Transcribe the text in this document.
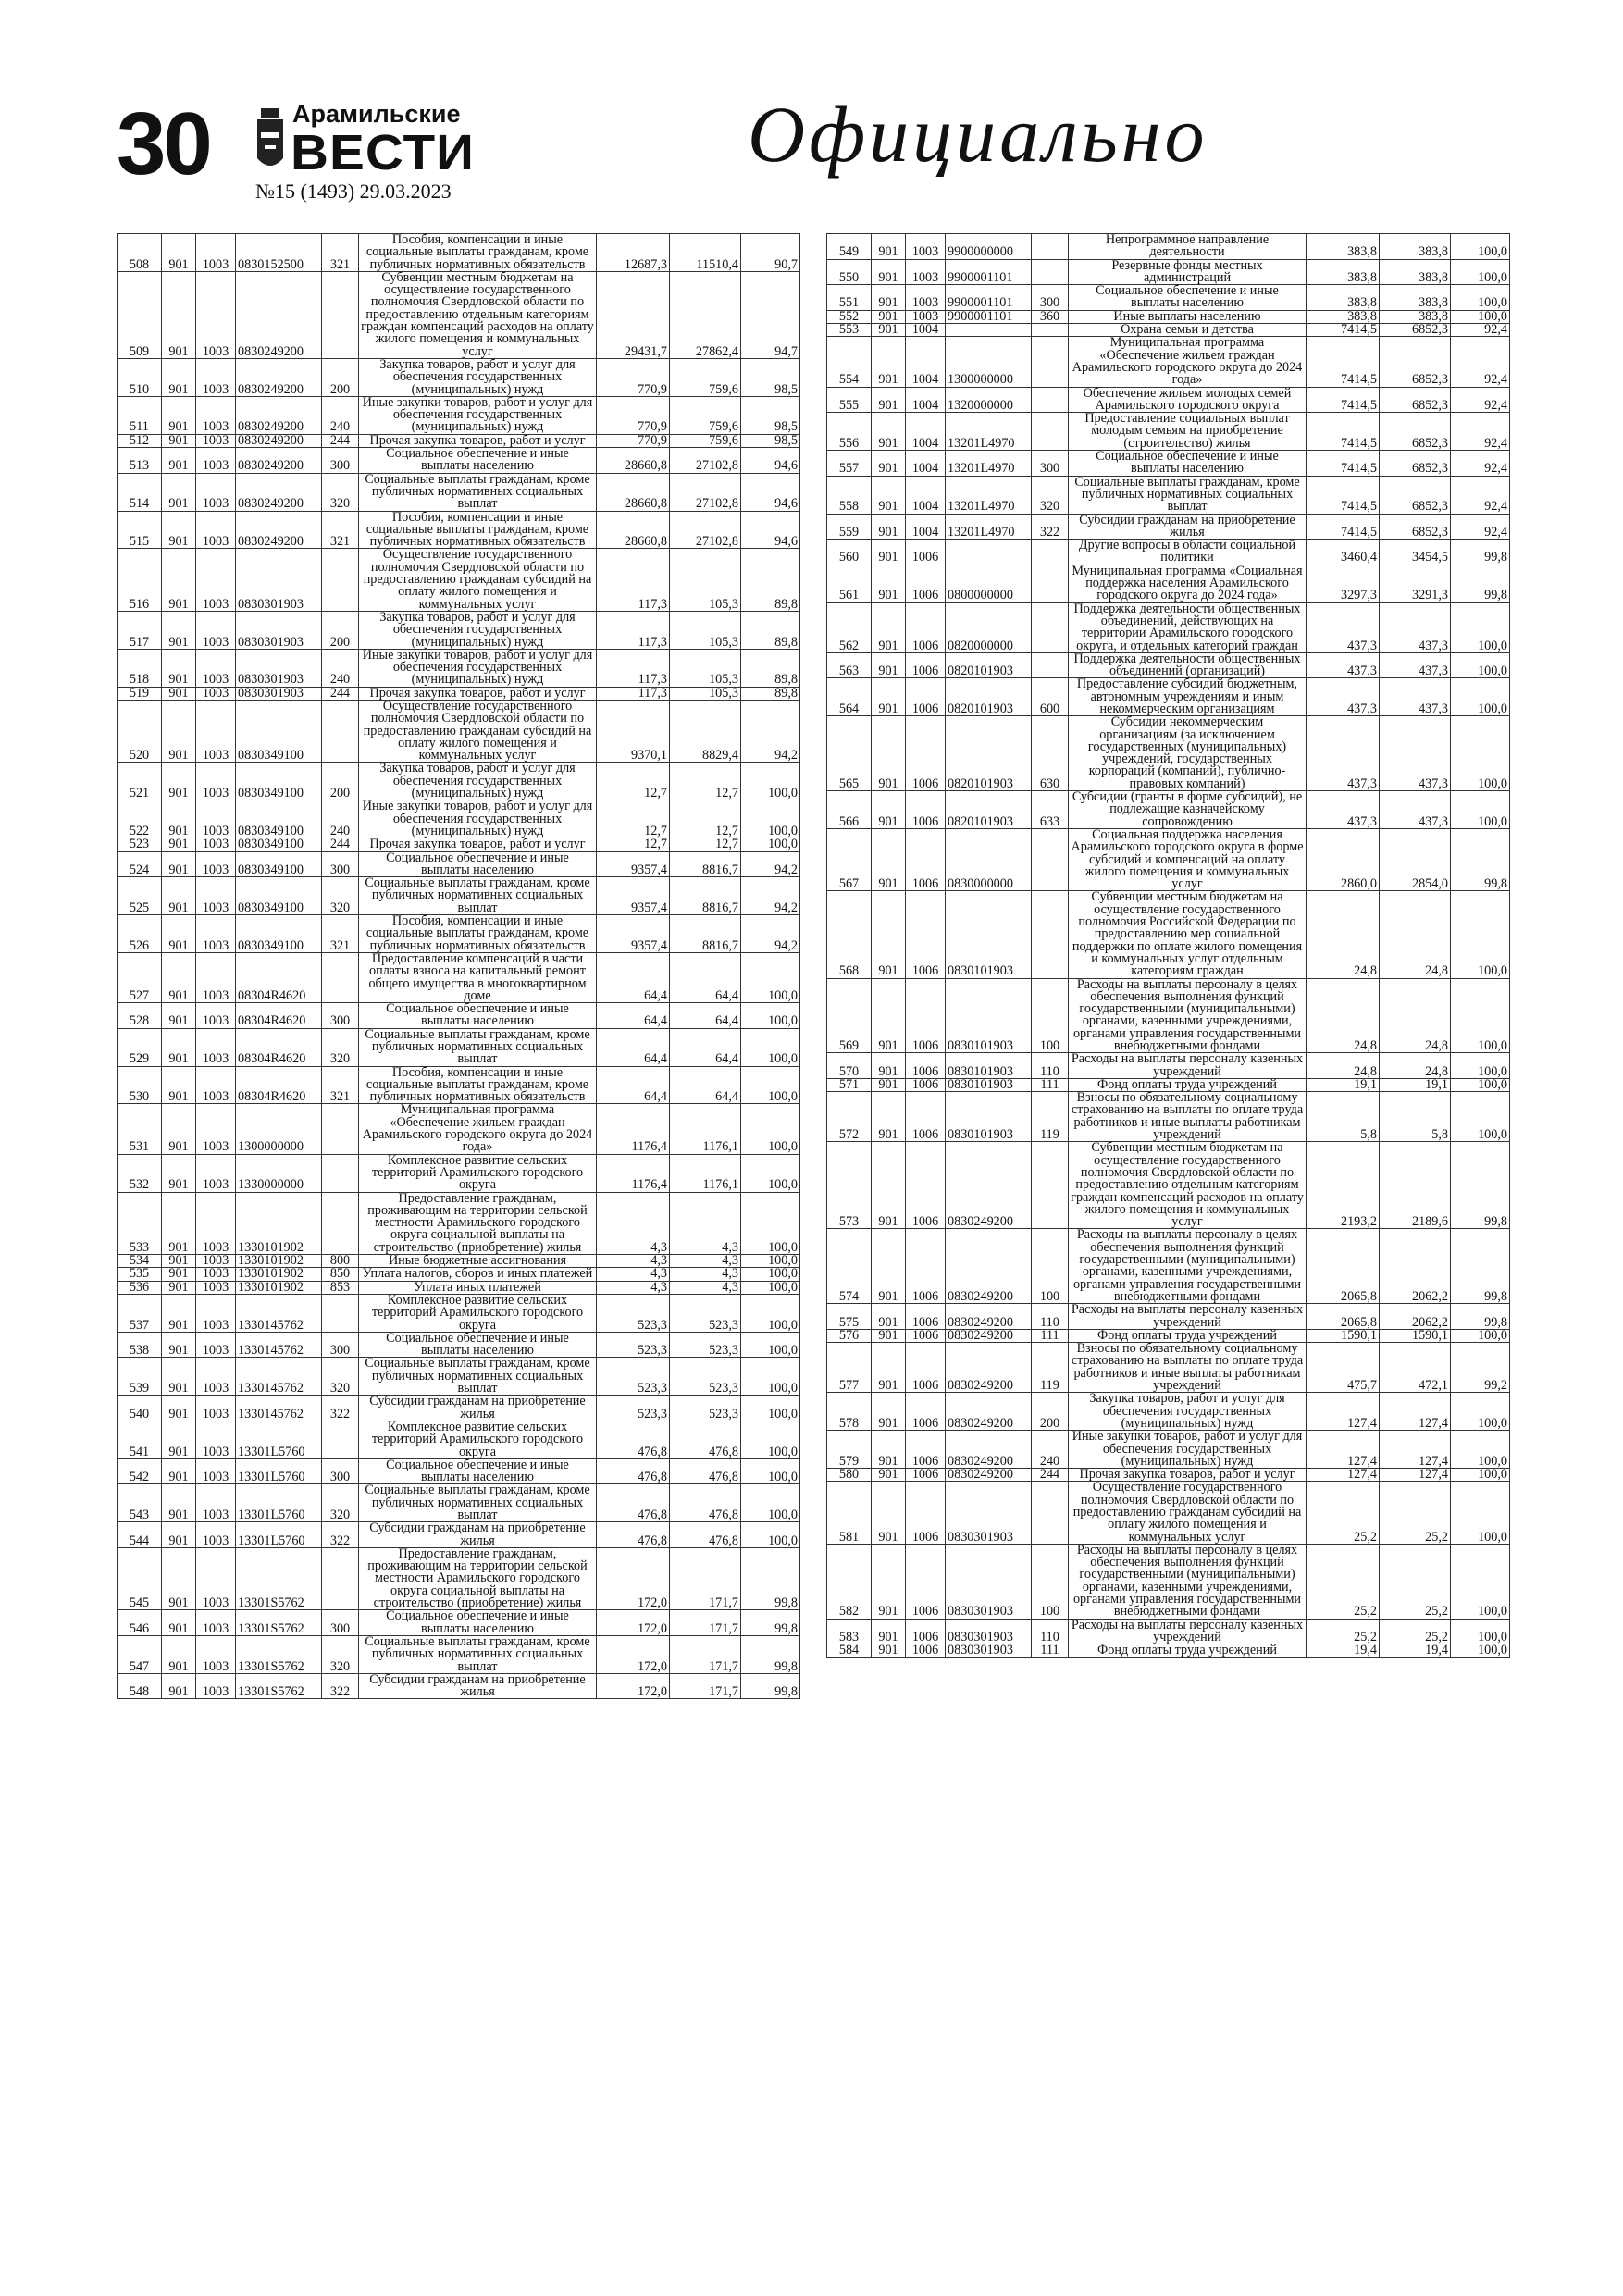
30	Арамильские
ВЕСТИ
№15 (1493) 29.03.2023
Официально
508	901	1003	0830152500	321	Пособия, компенсации и иные социальные выплаты гражданам, кроме публичных нормативных обязательств	12687,3	11510,4	90,7
509	901	1003	0830249200		Субвенции местным бюджетам на осуществление государственного полномочия Свердловской области по предоставлению отдельным категориям граждан компенсаций расходов на оплату жилого помещения и коммунальных услуг	29431,7	27862,4	94,7
510	901	1003	0830249200	200	Закупка товаров, работ и услуг для обеспечения государственных (муниципальных) нужд	770,9	759,6	98,5
511	901	1003	0830249200	240	Иные закупки товаров, работ и услуг для обеспечения государственных (муниципальных) нужд	770,9	759,6	98,5
512	901	1003	0830249200	244	Прочая закупка товаров, работ и услуг	770,9	759,6	98,5
513	901	1003	0830249200	300	Социальное обеспечение и иные выплаты населению	28660,8	27102,8	94,6
514	901	1003	0830249200	320	Социальные выплаты гражданам, кроме публичных нормативных социальных выплат	28660,8	27102,8	94,6
515	901	1003	0830249200	321	Пособия, компенсации и иные социальные выплаты гражданам, кроме публичных нормативных обязательств	28660,8	27102,8	94,6
516	901	1003	0830301903		Осуществление государственного полномочия Свердловской области по предоставлению гражданам субсидий на оплату жилого помещения и коммунальных услуг	117,3	105,3	89,8
517	901	1003	0830301903	200	Закупка товаров, работ и услуг для обеспечения государственных (муниципальных) нужд	117,3	105,3	89,8
518	901	1003	0830301903	240	Иные закупки товаров, работ и услуг для обеспечения государственных (муниципальных) нужд	117,3	105,3	89,8
519	901	1003	0830301903	244	Прочая закупка товаров, работ и услуг	117,3	105,3	89,8
520	901	1003	0830349100		Осуществление государственного полномочия Свердловской области по предоставлению гражданам субсидий на оплату жилого помещения и коммунальных услуг	9370,1	8829,4	94,2
521	901	1003	0830349100	200	Закупка товаров, работ и услуг для обеспечения государственных (муниципальных) нужд	12,7	12,7	100,0
522	901	1003	0830349100	240	Иные закупки товаров, работ и услуг для обеспечения государственных (муниципальных) нужд	12,7	12,7	100,0
523	901	1003	0830349100	244	Прочая закупка товаров, работ и услуг	12,7	12,7	100,0
524	901	1003	0830349100	300	Социальное обеспечение и иные выплаты населению	9357,4	8816,7	94,2
525	901	1003	0830349100	320	Социальные выплаты гражданам, кроме публичных нормативных социальных выплат	9357,4	8816,7	94,2
526	901	1003	0830349100	321	Пособия, компенсации и иные социальные выплаты гражданам, кроме публичных нормативных обязательств	9357,4	8816,7	94,2
527	901	1003	08304R4620		Предоставление компенсаций в части оплаты взноса на капитальный ремонт общего имущества в многоквартирном доме	64,4	64,4	100,0
528	901	1003	08304R4620	300	Социальное обеспечение и иные выплаты населению	64,4	64,4	100,0
529	901	1003	08304R4620	320	Социальные выплаты гражданам, кроме публичных нормативных социальных выплат	64,4	64,4	100,0
530	901	1003	08304R4620	321	Пособия, компенсации и иные социальные выплаты гражданам, кроме публичных нормативных обязательств	64,4	64,4	100,0
531	901	1003	1300000000		Муниципальная программа «Обеспечение жильем граждан Арамильского городского округа до 2024 года»	1176,4	1176,1	100,0
532	901	1003	1330000000		Комплексное развитие сельских территорий Арамильского городского округа	1176,4	1176,1	100,0
533	901	1003	1330101902		Предоставление гражданам, проживающим на территории сельской местности Арамильского городского округа социальной выплаты на строительство (приобретение) жилья	4,3	4,3	100,0
534	901	1003	1330101902	800	Иные бюджетные ассигнования	4,3	4,3	100,0
535	901	1003	1330101902	850	Уплата налогов, сборов и иных платежей	4,3	4,3	100,0
536	901	1003	1330101902	853	Уплата иных платежей	4,3	4,3	100,0
537	901	1003	1330145762		Комплексное развитие сельских территорий Арамильского городского округа	523,3	523,3	100,0
538	901	1003	1330145762	300	Социальное обеспечение и иные выплаты населению	523,3	523,3	100,0
539	901	1003	1330145762	320	Социальные выплаты гражданам, кроме публичных нормативных социальных выплат	523,3	523,3	100,0
540	901	1003	1330145762	322	Субсидии гражданам на приобретение жилья	523,3	523,3	100,0
541	901	1003	13301L5760		Комплексное развитие сельских территорий Арамильского городского округа	476,8	476,8	100,0
542	901	1003	13301L5760	300	Социальное обеспечение и иные выплаты населению	476,8	476,8	100,0
543	901	1003	13301L5760	320	Социальные выплаты гражданам, кроме публичных нормативных социальных выплат	476,8	476,8	100,0
544	901	1003	13301L5760	322	Субсидии гражданам на приобретение жилья	476,8	476,8	100,0
545	901	1003	13301S5762		Предоставление гражданам, проживающим на территории сельской местности Арамильского городского округа социальной выплаты на строительство (приобретение) жилья	172,0	171,7	99,8
546	901	1003	13301S5762	300	Социальное обеспечение и иные выплаты населению	172,0	171,7	99,8
547	901	1003	13301S5762	320	Социальные выплаты гражданам, кроме публичных нормативных социальных выплат	172,0	171,7	99,8
548	901	1003	13301S5762	322	Субсидии гражданам на приобретение жилья	172,0	171,7	99,8
549	901	1003	9900000000		Непрограммное направление деятельности	383,8	383,8	100,0
550	901	1003	9900001101		Резервные фонды местных администраций	383,8	383,8	100,0
551	901	1003	9900001101	300	Социальное обеспечение и иные выплаты населению	383,8	383,8	100,0
552	901	1003	9900001101	360	Иные выплаты населению	383,8	383,8	100,0
553	901	1004			Охрана семьи и детства	7414,5	6852,3	92,4
554	901	1004	1300000000		Муниципальная программа «Обеспечение жильем граждан Арамильского городского округа до 2024 года»	7414,5	6852,3	92,4
555	901	1004	1320000000		Обеспечение жильем молодых семей Арамильского городского округа	7414,5	6852,3	92,4
556	901	1004	13201L4970		Предоставление социальных выплат молодым семьям на приобретение (строительство) жилья	7414,5	6852,3	92,4
557	901	1004	13201L4970	300	Социальное обеспечение и иные выплаты населению	7414,5	6852,3	92,4
558	901	1004	13201L4970	320	Социальные выплаты гражданам, кроме публичных нормативных социальных выплат	7414,5	6852,3	92,4
559	901	1004	13201L4970	322	Субсидии гражданам на приобретение жилья	7414,5	6852,3	92,4
560	901	1006			Другие вопросы в области социальной политики	3460,4	3454,5	99,8
561	901	1006	0800000000		Муниципальная программа «Социальная поддержка населения Арамильского городского округа до 2024 года»	3297,3	3291,3	99,8
562	901	1006	0820000000		Поддержка деятельности общественных объединений, действующих на территории Арамильского городского округа, и отдельных категорий граждан	437,3	437,3	100,0
563	901	1006	0820101903		Поддержка деятельности общественных объединений (организаций)	437,3	437,3	100,0
564	901	1006	0820101903	600	Предоставление субсидий бюджетным, автономным учреждениям и иным некоммерческим организациям	437,3	437,3	100,0
565	901	1006	0820101903	630	Субсидии некоммерческим организациям (за исключением государственных (муниципальных) учреждений, государственных корпораций (компаний), публично-правовых компаний)	437,3	437,3	100,0
566	901	1006	0820101903	633	Субсидии (гранты в форме субсидий), не подлежащие казначейскому сопровождению	437,3	437,3	100,0
567	901	1006	0830000000		Социальная поддержка населения Арамильского городского округа в форме субсидий и компенсаций на оплату жилого помещения и коммунальных услуг	2860,0	2854,0	99,8
568	901	1006	0830101903		Субвенции местным бюджетам на осуществление государственного полномочия Российской Федерации по предоставлению мер социальной поддержки по оплате жилого помещения и коммунальных услуг отдельным категориям граждан	24,8	24,8	100,0
569	901	1006	0830101903	100	Расходы на выплаты персоналу в целях обеспечения выполнения функций государственными (муниципальными) органами, казенными учреждениями, органами управления государственными внебюджетными фондами	24,8	24,8	100,0
570	901	1006	0830101903	110	Расходы на выплаты персоналу казенных учреждений	24,8	24,8	100,0
571	901	1006	0830101903	111	Фонд оплаты труда учреждений	19,1	19,1	100,0
572	901	1006	0830101903	119	Взносы по обязательному социальному страхованию на выплаты по оплате труда работников и иные выплаты работникам учреждений	5,8	5,8	100,0
573	901	1006	0830249200		Субвенции местным бюджетам на осуществление государственного полномочия Свердловской области по предоставлению отдельным категориям граждан компенсаций расходов на оплату жилого помещения и коммунальных услуг	2193,2	2189,6	99,8
574	901	1006	0830249200	100	Расходы на выплаты персоналу в целях обеспечения выполнения функций государственными (муниципальными) органами, казенными учреждениями, органами управления государственными внебюджетными фондами	2065,8	2062,2	99,8
575	901	1006	0830249200	110	Расходы на выплаты персоналу казенных учреждений	2065,8	2062,2	99,8
576	901	1006	0830249200	111	Фонд оплаты труда учреждений	1590,1	1590,1	100,0
577	901	1006	0830249200	119	Взносы по обязательному социальному страхованию на выплаты по оплате труда работников и иные выплаты работникам учреждений	475,7	472,1	99,2
578	901	1006	0830249200	200	Закупка товаров, работ и услуг для обеспечения государственных (муниципальных) нужд	127,4	127,4	100,0
579	901	1006	0830249200	240	Иные закупки товаров, работ и услуг для обеспечения государственных (муниципальных) нужд	127,4	127,4	100,0
580	901	1006	0830249200	244	Прочая закупка товаров, работ и услуг	127,4	127,4	100,0
581	901	1006	0830301903		Осуществление государственного полномочия Свердловской области по предоставлению гражданам субсидий на оплату жилого помещения и коммунальных услуг	25,2	25,2	100,0
582	901	1006	0830301903	100	Расходы на выплаты персоналу в целях обеспечения выполнения функций государственными (муниципальными) органами, казенными учреждениями, органами управления государственными внебюджетными фондами	25,2	25,2	100,0
583	901	1006	0830301903	110	Расходы на выплаты персоналу казенных учреждений	25,2	25,2	100,0
584	901	1006	0830301903	111	Фонд оплаты труда учреждений	19,4	19,4	100,0
